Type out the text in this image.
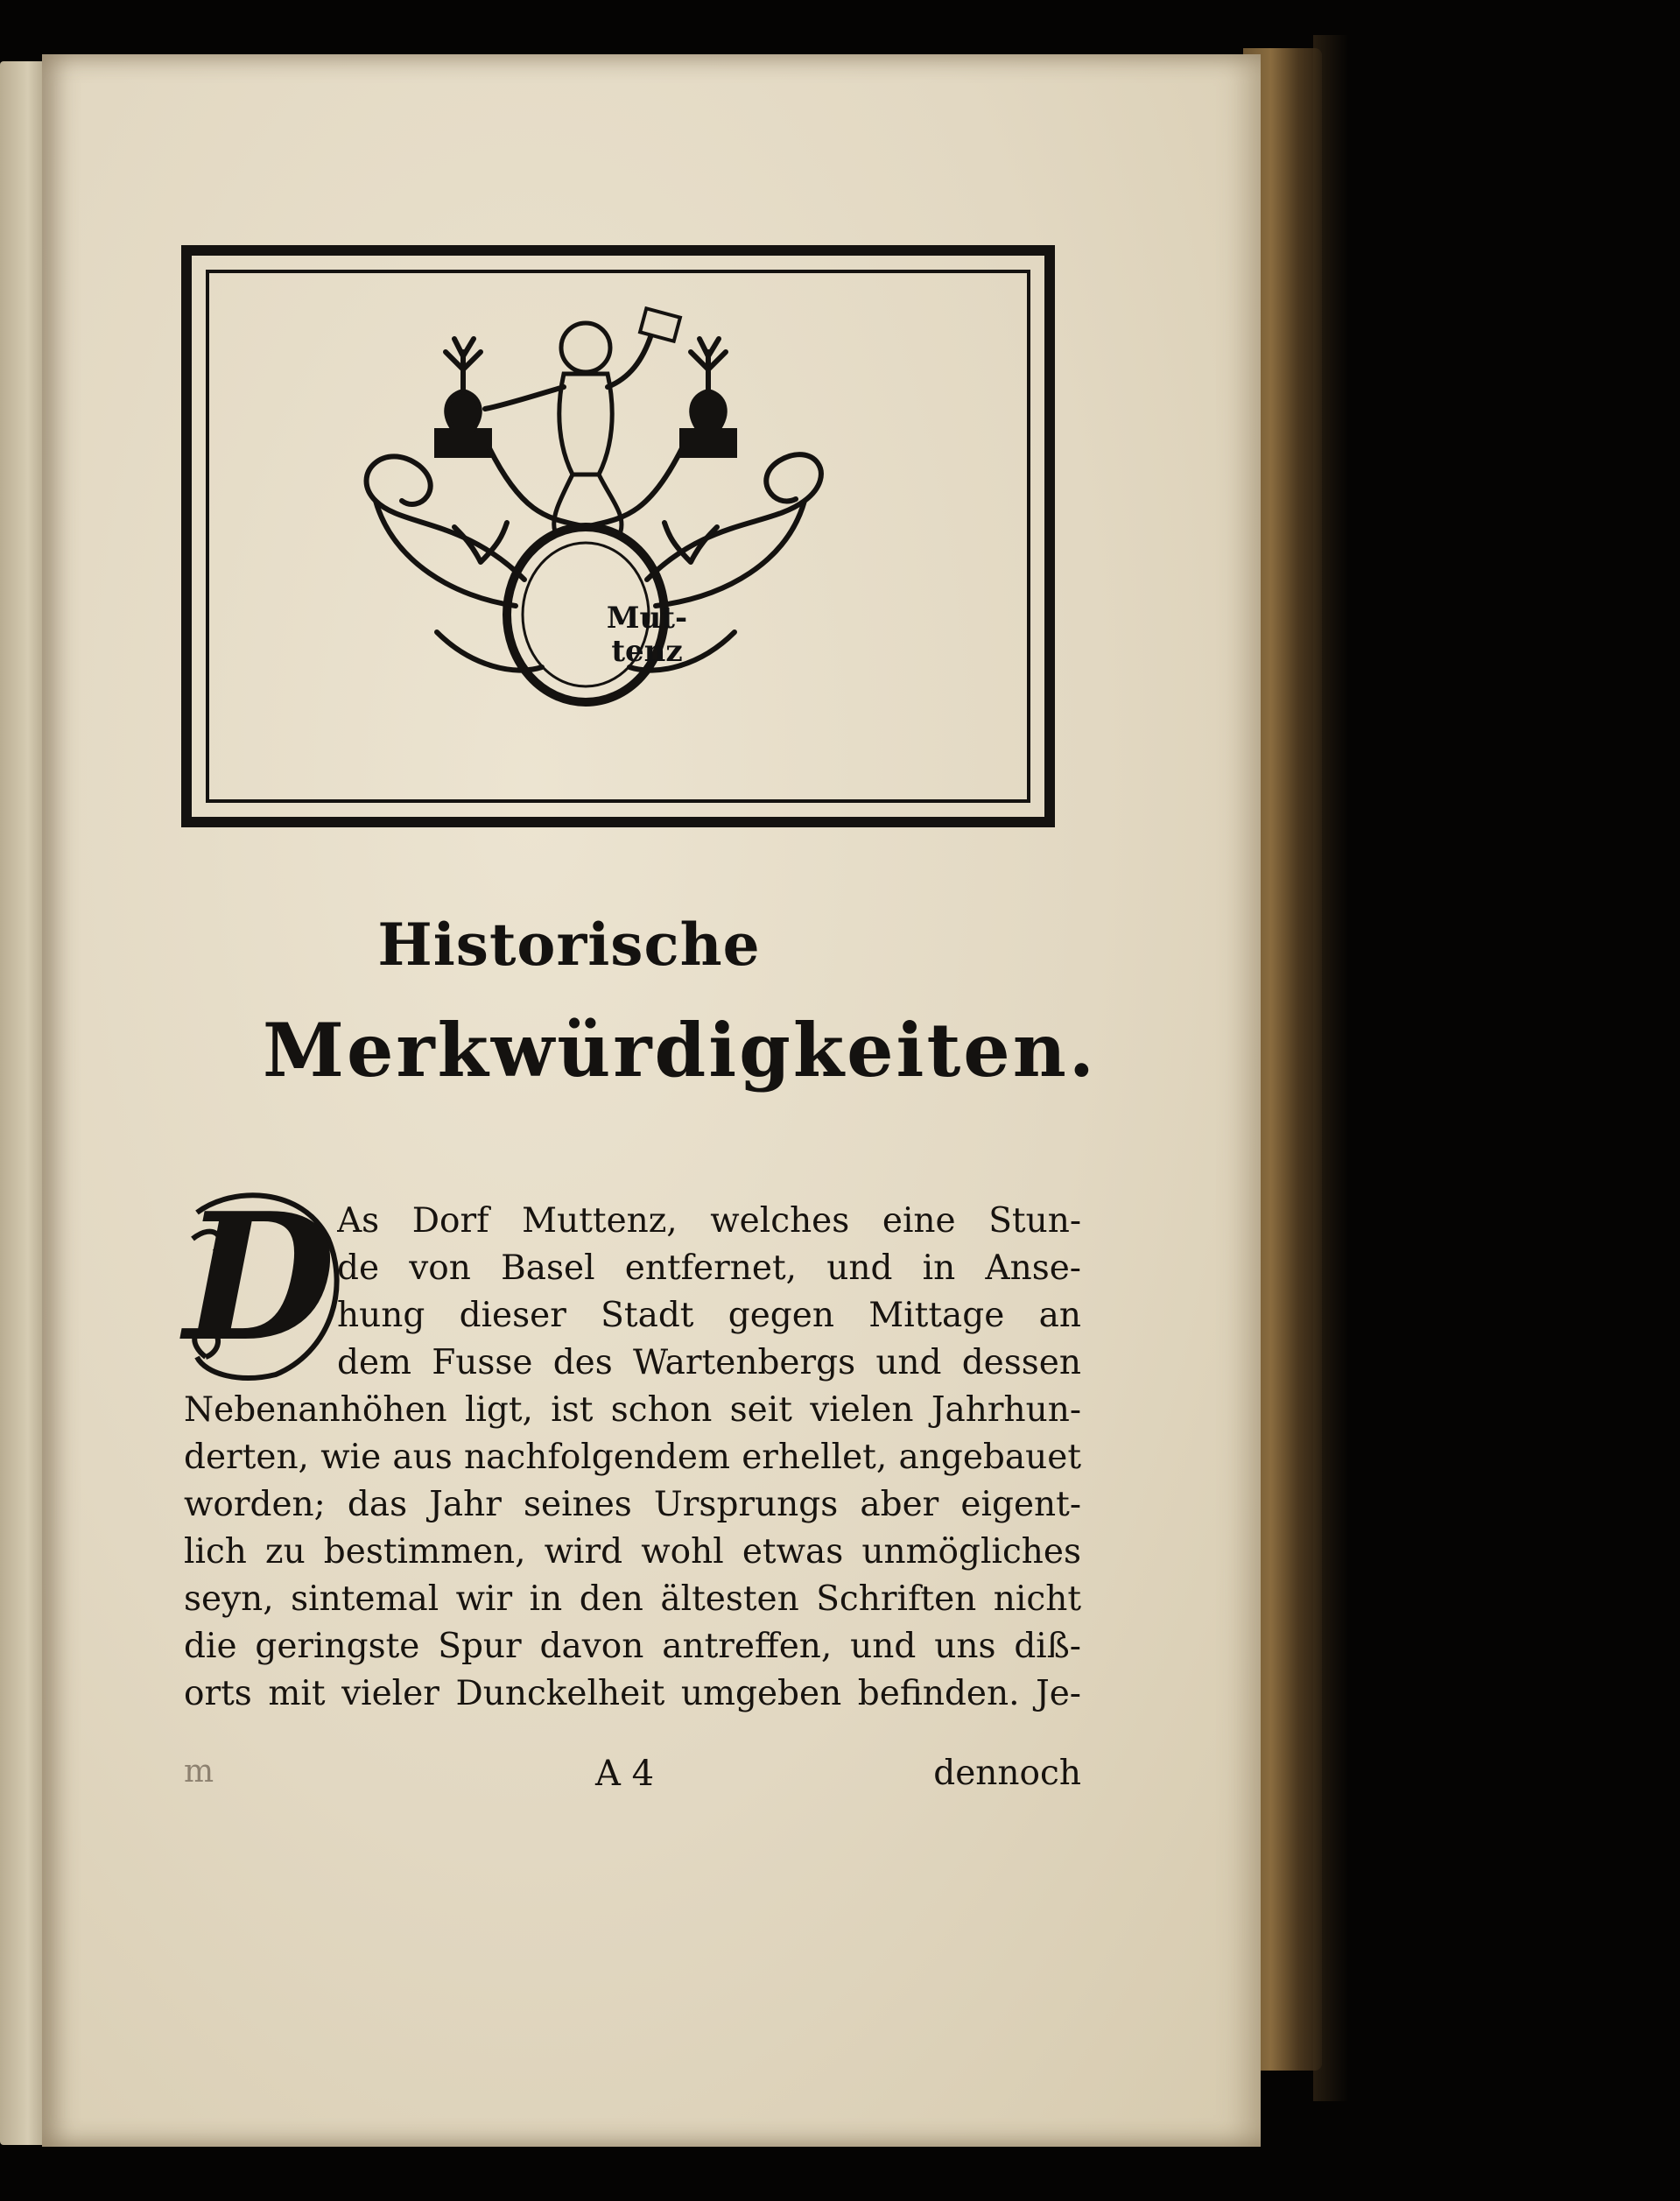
Mut-
tenz
Historische
Merkwürdigkeiten.
D As Dorf Muttenz, welches eine Stun-
de von Basel entfernet, und in Anse-
hung dieser Stadt gegen Mittage an
dem Fusse des Wartenbergs und dessen
Nebenanhöhen ligt, ist schon seit vielen Jahrhun-
derten, wie aus nachfolgendem erhellet, angebauet
worden; das Jahr seines Ursprungs aber eigent-
lich zu bestimmen, wird wohl etwas unmögliches
seyn, sintemal wir in den ältesten Schriften nicht
die geringste Spur davon antreffen, und uns diß-
orts mit vieler Dunckelheit umgeben befinden. Je-
m	A 4	dennoch
